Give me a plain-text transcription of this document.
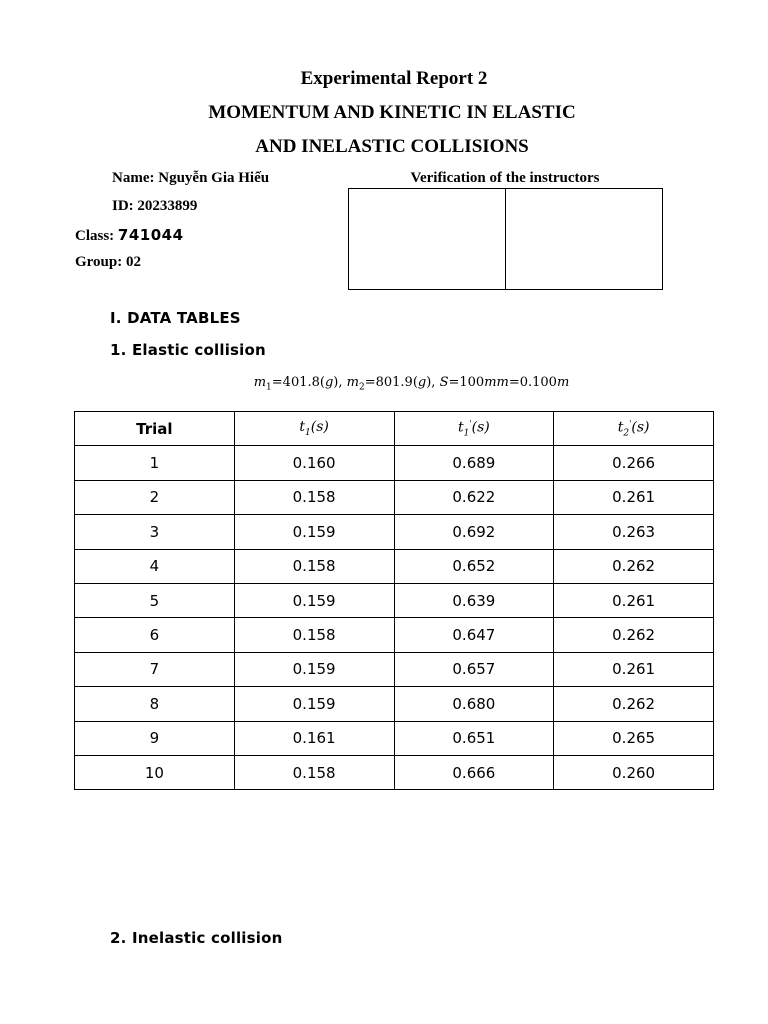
Experimental Report 2
MOMENTUM AND KINETIC IN ELASTIC
AND INELASTIC COLLISIONS
Name: Nguyễn Gia Hiếu
ID: 20233899
Class: 741044
Group: 02
Verification of the instructors
I. DATA TABLES
1. Elastic collision
$m_1=401.8(g)$, $m_2=801.9(g)$, S=100mm=0.100m
Trial	$t_1(s)$	$t_1'(s)$	$t_2'(s)$
1	0.160	0.689	0.266
2	0.158	0.622	0.261
3	0.159	0.692	0.263
4	0.158	0.652	0.262
5	0.159	0.639	0.261
6	0.158	0.647	0.262
7	0.159	0.657	0.261
8	0.159	0.680	0.262
9	0.161	0.651	0.265
10	0.158	0.666	0.260
2. Inelastic collision
